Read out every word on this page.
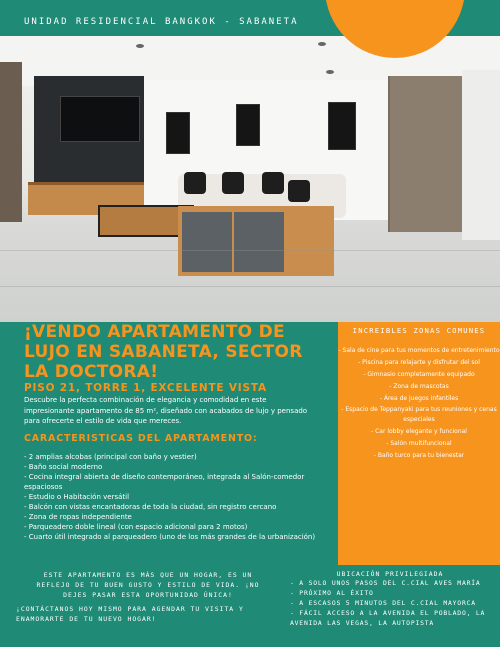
UNIDAD RESIDENCIAL BANGKOK - SABANETA
¡VENDO APARTAMENTO DE LUJO EN SABANETA, SECTOR LA DOCTORA!
PISO 21, TORRE 1, EXCELENTE VISTA
Descubre la perfecta combinación de elegancia y comodidad en este impresionante apartamento de 85 m², diseñado con acabados de lujo y pensado para ofrecerte el estilo de vida que mereces.
CARACTERISTICAS DEL APARTAMENTO:
- 2 amplias alcobas (principal con baño y vestier)
- Baño social moderno
- Cocina integral abierta de diseño contemporáneo, integrada al Salón-comedor espaciosos
- Estudio o Habitación versátil
- Balcón con vistas encantadoras de toda la ciudad, sin registro cercano
- Zona de ropas independiente
- Parqueadero doble lineal (con espacio adicional para 2 motos)
- Cuarto útil integrado al parqueadero (uno de los más grandes de la urbanización)
INCREIBLES ZONAS COMUNES
- Sala de cine para tus momentos de entretenimiento
- Piscina para relajarte y disfrutar del sol
- Gimnasio completamente equipado
- Zona de mascotas
- Área de juegos infantiles
- Espacio de Teppanyaki para tus reuniones y cenas especiales
- Car lobby elegante y funcional
- Salón multifuncional
- Baño turco para tu bienestar
ESTE APARTAMENTO ES MÁS QUE UN HOGAR, ES UN REFLEJO DE TU BUEN GUSTO Y ESTILO DE VIDA. ¡NO DEJES PASAR ESTA OPORTUNIDAD ÚNICA!
¡CONTÁCTANOS HOY MISMO PARA AGENDAR TU VISITA Y ENAMORARTE DE TU NUEVO HOGAR!
UBICACIÓN PRIVILEGIADA
- A SOLO UNOS PASOS DEL C.CIAL AVES MARÍA
- PRÓXIMO AL ÉXITO
- A ESCASOS 5 MINUTOS DEL C.CIAL MAYORCA
- FÁCIL ACCESO A LA AVENIDA EL POBLADO, LA AVENIDA LAS VEGAS, LA AUTOPISTA
